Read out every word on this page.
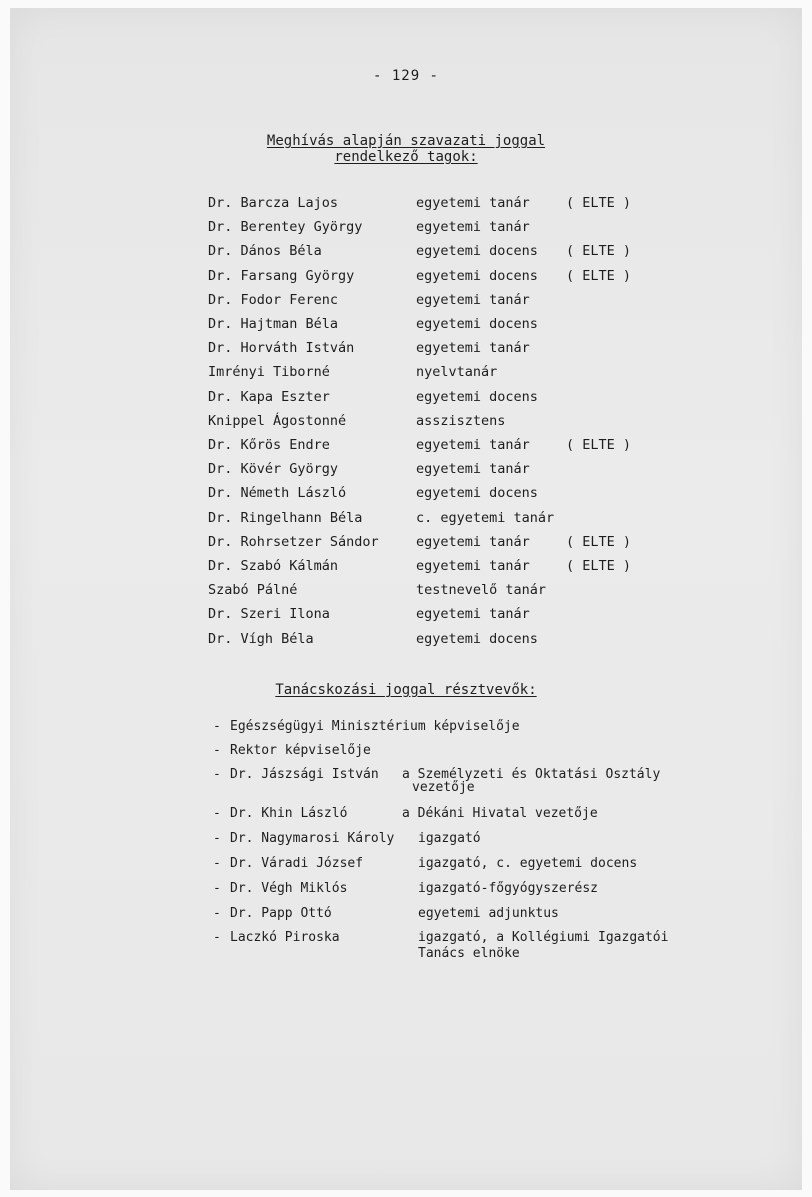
- 129 -
Meghívás alapján szavazati joggal
rendelkező tagok:
Dr. Barcza Lajos	egyetemi tanár	( ELTE )
Dr. Berentey György	egyetemi tanár
Dr. Dános Béla	egyetemi docens ( ELTE )
Dr. Farsang György	egyetemi docens ( ELTE )
Dr. Fodor Ferenc	egyetemi tanár
Dr. Hajtman Béla	egyetemi docens
Dr. Horváth István	egyetemi tanár
Imrényi Tiborné	nyelvtanár
Dr. Kapa Eszter	egyetemi docens
Knippel Ágostonné	asszisztens
Dr. Kőrös Endre	egyetemi tanár	( ELTE )
Dr. Kövér György	egyetemi tanár
Dr. Németh László	egyetemi docens
Dr. Ringelhann Béla	c. egyetemi tanár
Dr. Rohrsetzer Sándor	egyetemi tanár	( ELTE )
Dr. Szabó Kálmán	egyetemi tanár	( ELTE )
Szabó Pálné	testnevelő tanár
Dr. Szeri Ilona	egyetemi tanár
Dr. Vígh Béla	egyetemi docens
Tanácskozási joggal résztvevők:
- Egészségügyi Minisztérium képviselője
- Rektor képviselője
- Dr. Jászsági István a Személyzeti és Oktatási Osztály
vezetője
- Dr. Khin László	a Dékáni Hivatal vezetője
- Dr. Nagymarosi Károly igazgató
- Dr. Váradi József	igazgató, c. egyetemi docens
- Dr. Végh Miklós	igazgató-főgyógyszerész
- Dr. Papp Ottó	egyetemi adjunktus
- Laczkó Piroska	igazgató, a Kollégiumi Igazgatói
Tanács elnöke
